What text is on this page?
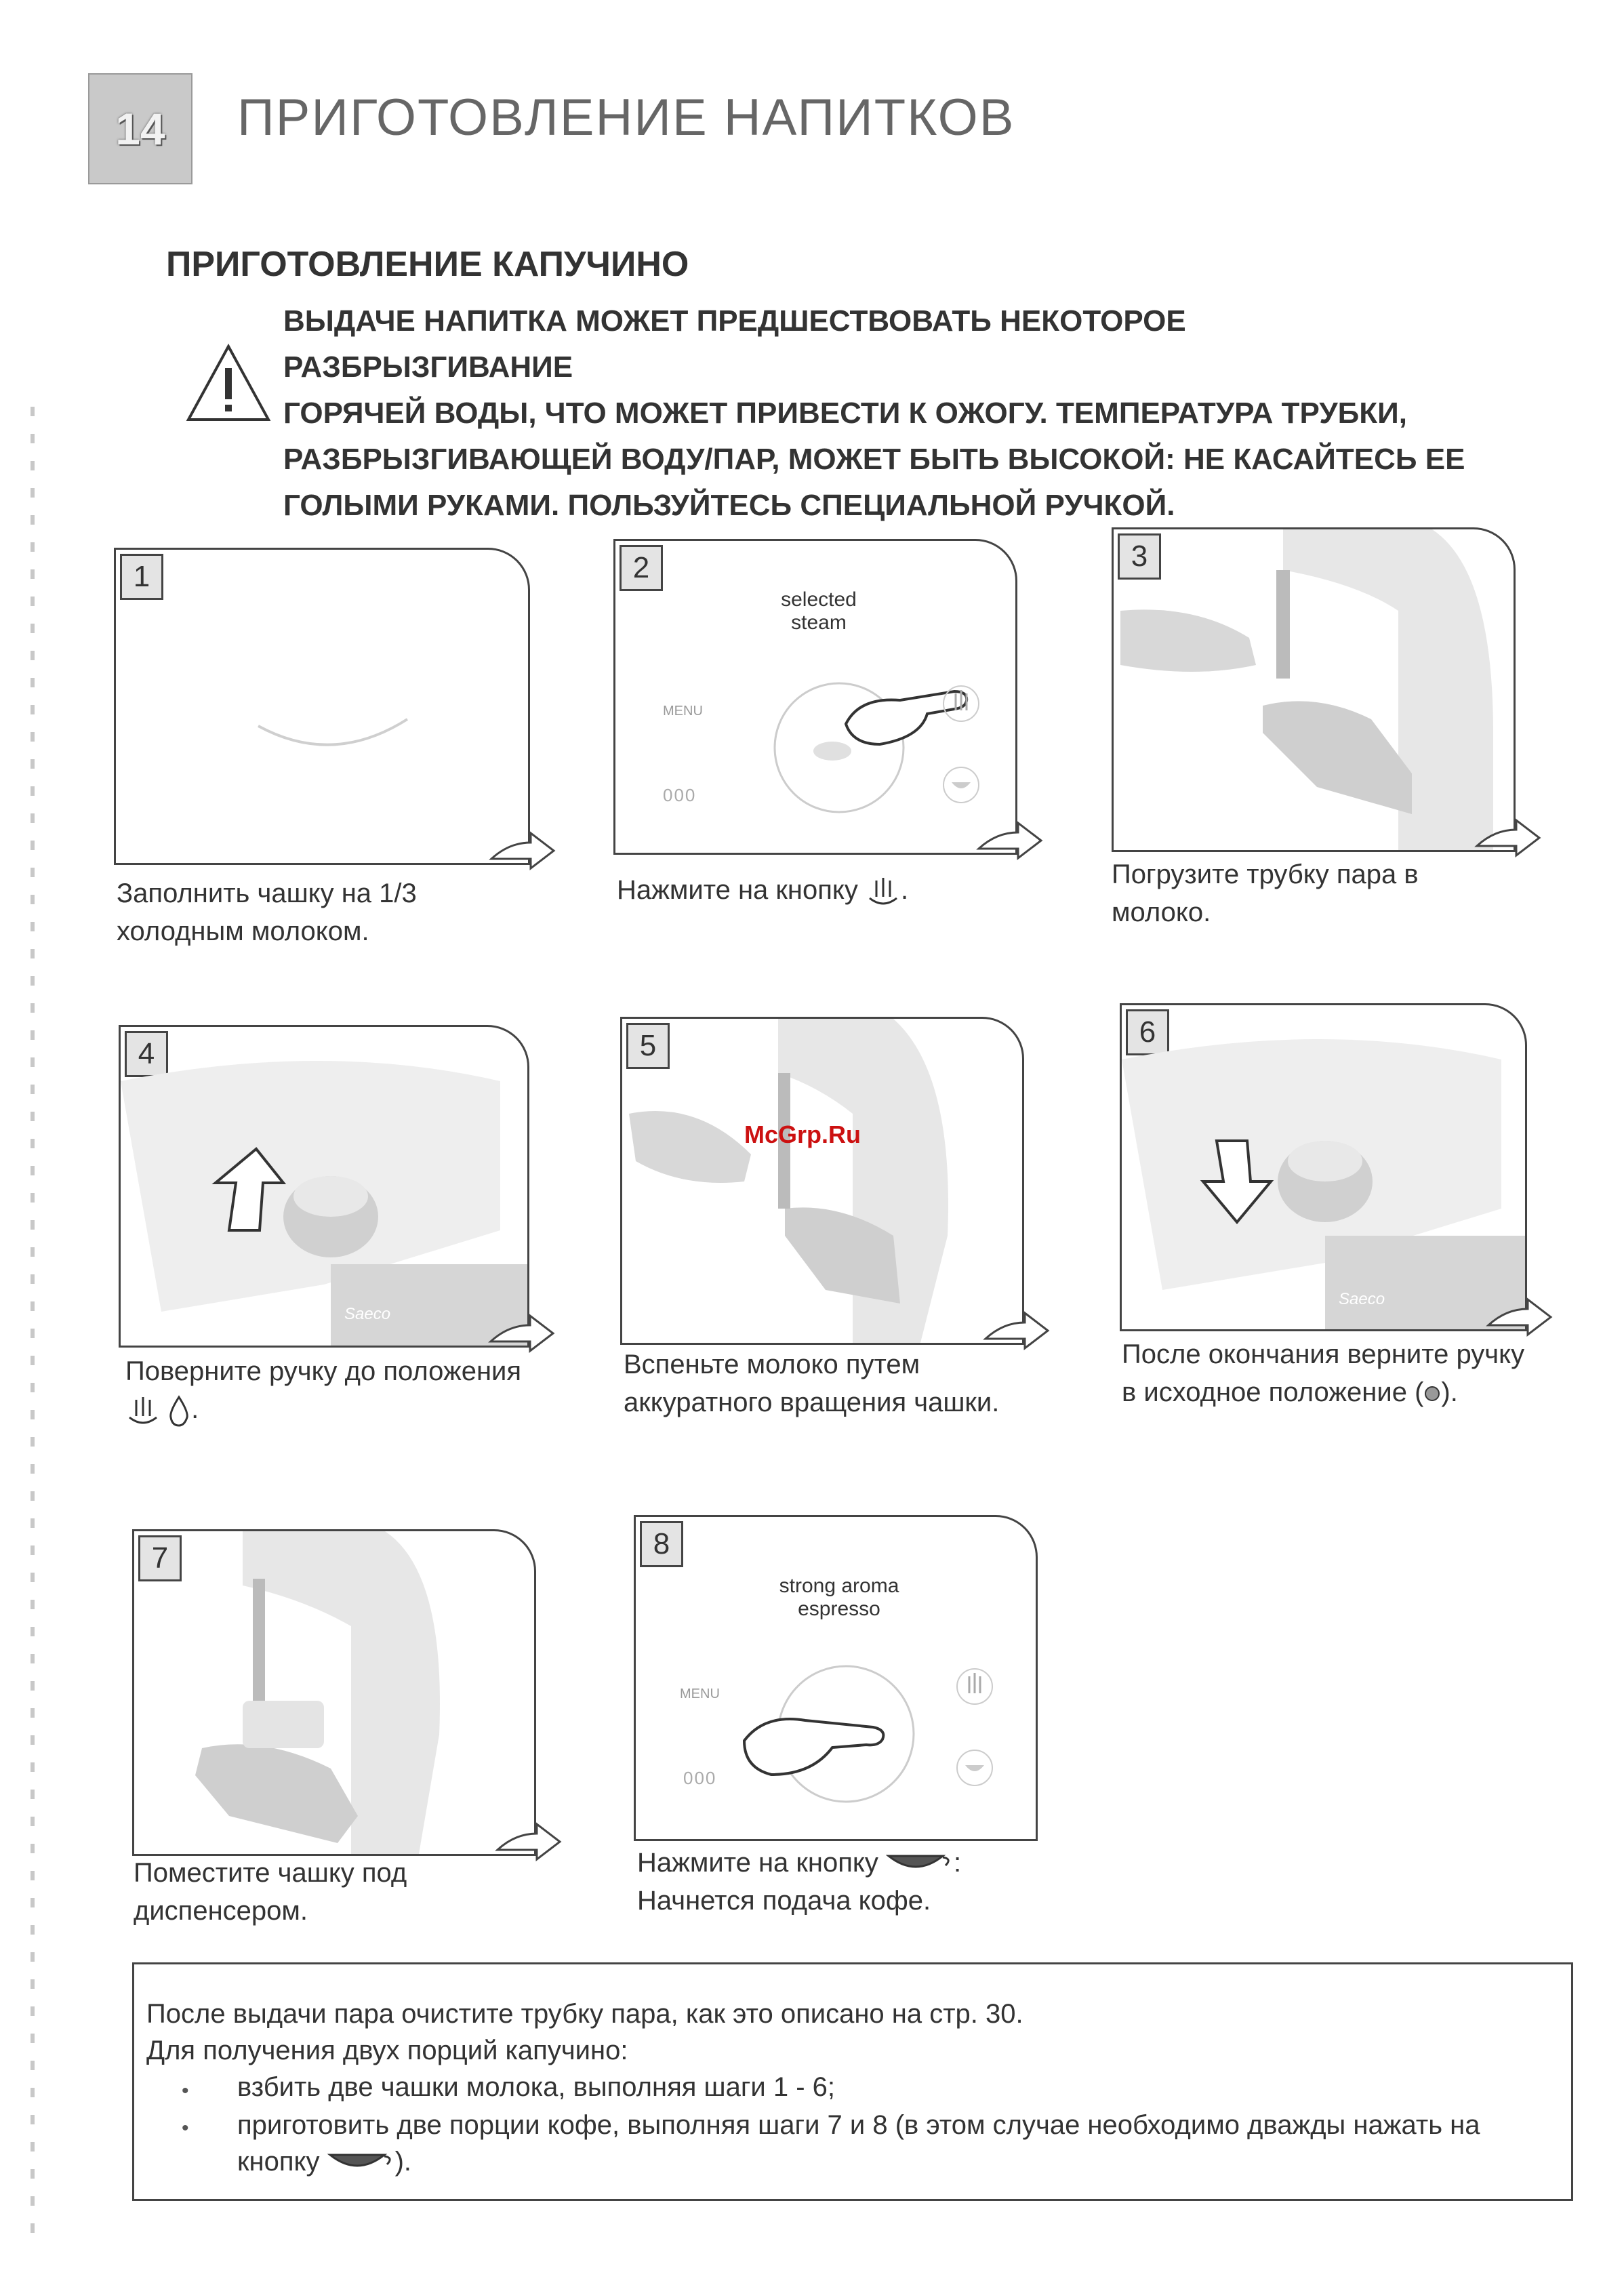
14 ПРИГОТОВЛЕНИЕ НАПИТКОВ
ПРИГОТОВЛЕНИЕ КАПУЧИНО
ВЫДАЧЕ НАПИТКА МОЖЕТ ПРЕДШЕСТВОВАТЬ НЕКОТОРОЕ РАЗБРЫЗГИВАНИЕ
ГОРЯЧЕЙ ВОДЫ, ЧТО МОЖЕТ ПРИВЕСТИ К ОЖОГУ. ТЕМПЕРАТУРА ТРУБКИ,
РАЗБРЫЗГИВАЮЩЕЙ ВОДУ/ПАР, МОЖЕТ БЫТЬ ВЫСОКОЙ: НЕ КАСАЙТЕСЬ ЕЕ
ГОЛЫМИ РУКАМИ. ПОЛЬЗУЙТЕСЬ СПЕЦИАЛЬНОЙ РУЧКОЙ.
1
Заполнить чашку на 1/3
холодным молоком.
2
selected
steam
MENU
000
Нажмите на кнопку .
3
Погрузите трубку пара в
молоко.
4
Saeco
Поверните ручку до положения
.
5
McGrp.Ru
Вспеньте молоко путем
аккуратного вращения чашки.
6
Saeco
После окончания верните ручку
в исходное положение ( ).
7
Поместите чашку под
диспенсером.
8
strong aroma
espresso
MENU
000
Нажмите на кнопку	:
Начнется подача кофе.
После выдачи пара очистите трубку пара, как это описано на стр. 30.
Для получения двух порций капучино:
• взбить две чашки молока, выполняя шаги 1 - 6;
• приготовить две порции кофе, выполняя шаги 7 и 8 (в этом случае необходимо дважды нажать на
кнопку	).
